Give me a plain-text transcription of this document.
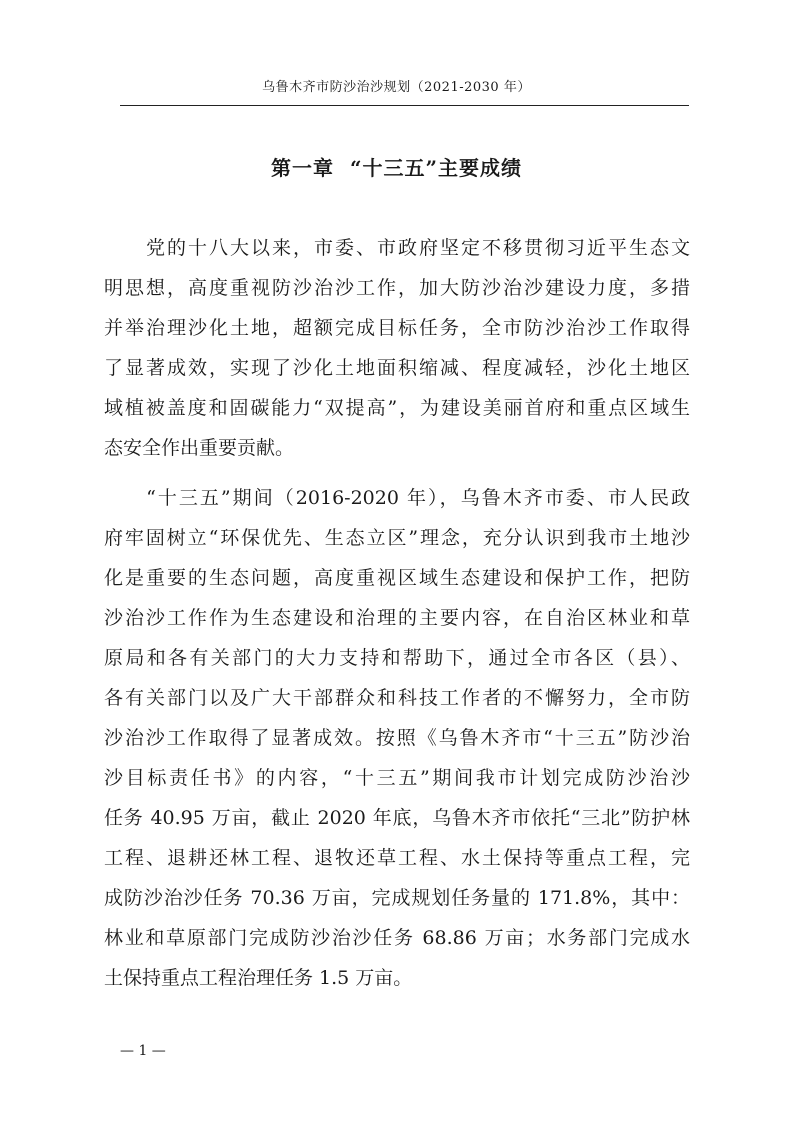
乌鲁木齐市防沙治沙规划（2021-2030 年）
第一章  “十三五”主要成绩
　　党的十八大以来，市委、市政府坚定不移贯彻习近平生态文
明思想，高度重视防沙治沙工作，加大防沙治沙建设力度，多措
并举治理沙化土地，超额完成目标任务，全市防沙治沙工作取得
了显著成效，实现了沙化土地面积缩减、程度减轻，沙化土地区
域植被盖度和固碳能力“双提高”，为建设美丽首府和重点区域生
态安全作出重要贡献。
　　“十三五”期间（2016-2020 年），乌鲁木齐市委、市人民政
府牢固树立“环保优先、生态立区”理念，充分认识到我市土地沙
化是重要的生态问题，高度重视区域生态建设和保护工作，把防
沙治沙工作作为生态建设和治理的主要内容，在自治区林业和草
原局和各有关部门的大力支持和帮助下，通过全市各区（县）、
各有关部门以及广大干部群众和科技工作者的不懈努力，全市防
沙治沙工作取得了显著成效。按照《乌鲁木齐市“十三五”防沙治
沙目标责任书》的内容，“十三五”期间我市计划完成防沙治沙
任务 40.95 万亩，截止 2020 年底，乌鲁木齐市依托“三北”防护林
工程、退耕还林工程、退牧还草工程、水土保持等重点工程，完
成防沙治沙任务 70.36 万亩，完成规划任务量的 171.8%，其中：
林业和草原部门完成防沙治沙任务 68.86 万亩；水务部门完成水
土保持重点工程治理任务 1.5 万亩。
— 1 —
